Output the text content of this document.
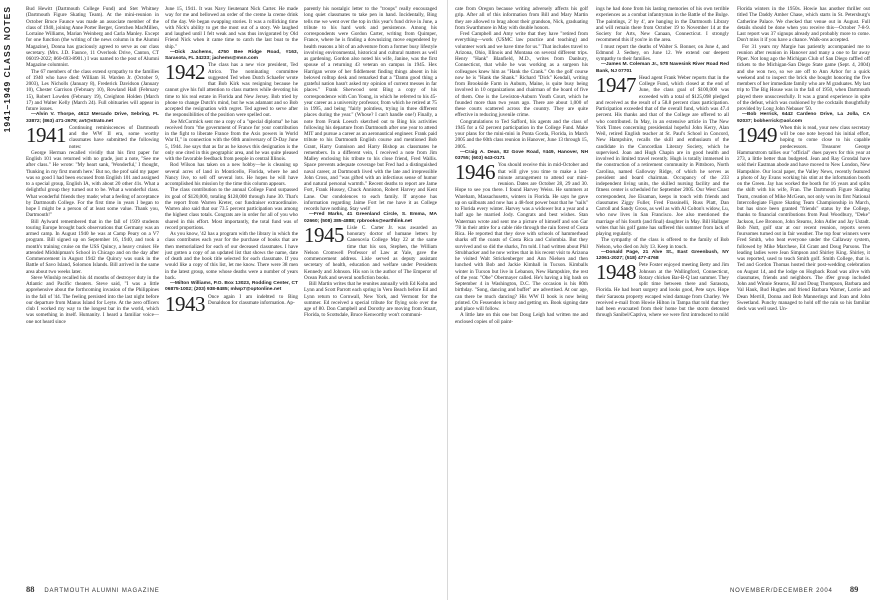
1941–1949 CLASS NOTES	Bud Hewitt (Dartmouth College Fund) and Stet Whitney (Dartmouth Figure Skating Team). At the mini-reunion in October Bruce Faunce was made an associate member of the class of 1940, joining Anne Porter Berger, Gretchen MacMillen, Lorraine Williams, Marian Weinberg and Carla Manley. Except for one function (the writing of the news column in the Alumni Magazine), Donna has graciously agreed to serve as our class secretary. (Mrs. J.D. Faunce, 11 Overlook Drive, Canton, CT 06019-2022; 860-693-8901.) I was named to the post of Alumni Magazine columnist.

The 67 members of the class extend sympathy to the families of 1940 who have died: William H. Warden Jr. (October 9, 2003), Les Nicholls (January 8), Frederick Davidson (January 10), Chester Garrison (February 10), Rowland Hall (February 15), Robert Lowden (February 19), Creighton Holden (March 17) and Walter Kelly (March 24). Full obituaries will appear in future issues.

—Alvin V. Thorpe, 4612 Mercado Drive, Sebring, FL 33872; (863) 471-2679; avt@strato.net

1941 Continuing reminiscences of Dartmouth and the WW II era, some worthy classmates have submitted the following notes:

George Herman recalled vividly that his first paper for English 101 was returned with no grade, just a note, "See me after class." He wrote: "My heart sank, 'Wonderful,' I thought, 'flunking in my first month here.' But no, the prof said my paper was so good I had been excused from English 101 and assigned to a special group, English IA, with about 20 other 41s. What a delightful group they turned out to be. What a wonderful class. What wonderful friends they made; what a feeling of acceptance by Dartmouth College. For the first time in years I began to hope I might be a person of at least some value. Thank you, Dartmouth!"

Bill Aylward remembered that in the fall of 1939 students touring Europe brought back observations that Germany was an armed camp. In August 1940 he was at Camp Peary on a V7 program. Bill signed up on September 16, 1940, and took a month's training cruise on the USS Quincy, a heavy cruiser. He attended Midshipman's School in Chicago and on the day after Commencement in August 1942 the Quincy was sunk in the Battle of Savo Island, Solomon Islands. Bill arrived in the same area about two weeks later.

Steve Winship recalled his 44 months of destroyer duty in the Atlantic and Pacific theaters. Steve said, "I was a little apprehensive about the forthcoming invasion of the Philippines in the fall of '44. The feeling persisted into the last night before our departure from Manus Island for Leyte. At the zero officers club I worked my way to the longest bar in the world, which was something in itself. Humanity. I heard a familiar voice—one not heard since

June 15, 1941. It was Navy lieutenant Nick Carter. He made way for me and bellowed an order of the creme la creme drink of the day. We began swapping stories. It was a rollicking time with Nick's ability to get the most out of a story. We laughed and laughed until I felt weak and was thus invigorated by Old Friend Nick when it came time to catch the last boat to the ship."

—Dick Jachems, 4750 Bee Ridge Road, #163, Sarasota, FL 34233; jachems@msn.com

1942 The class has a new vice president, Ted Atrico. The nominating committee suggested Ted when Dutch Schaefer wrote that Bob Kirk was resigning because he cannot give his full attention to class matters while devoting his time to his real estate in Florida and New Jersey. Bob tried by phone to change Dutch's mind, but he was adamant and so Bob accepted the resignation with regret. Ted agreed to serve after the responsibilities of the position were spelled out.

Joe McCormick sent me a copy of a "special diploma" he has received from "the government of France for your contribution in the fight to liberate France from the Axis powers in World War II," in connection with the 60th anniversary of D-Day June 5, 1944. Joe says that as far as he knows this designation is the only one cited in this geographic area, and he was quite pleased with the favorable feedback from people in central Illinois.

Rod Wilson has taken on a new hobby—he is cleaning up several acres of land in Monticello, Florida, where he and Nancy live, to sell off several lots. He hopes he will have accomplished his mission by the time this column appears.

The class contribution to the annual College Fund surpassed its goal of $120,000, totaling $128,000 through June 30. That's the report from Warren Kreter, our fundraiser extraordinaire. Warren also said that our 73.5 percent participation was among the highest class totals. Congrats are in order for all of you who shared in this effort. Most importantly, the total fund was of record proportions.

As you know, '42 has a program with the library in which the class contributes each year for the purchase of books that are then memorialized for each of our deceased classmates. I have just gotten a copy of an updated list that shows the name, date of death and the book title selected for each classmate. If you would like a copy of this list, let me know. There were 38 men in the latest group, some whose deaths were a number of years back.

—Milton Williams, P.O. Box 13023, Rodding Center, CT 06875-1002; (203) 938-8485; mlwp7@optonline.net

1943 Once again I am indebted to Bing Donaldson for classmate information. Ap-

parently his nostalgic letter to the "troops" really encouraged long quiet classmates to take pen in hand. Incidentally, Bing tells me we went over the top in this year's fund drive in June, a tribute to his hard work and persistence. Among his correspondents were Gordon Carter, writing from Quimper, France, where he is finding a downsizing move engendered by health reasons a bit of an adventure from a former busy lifestyle involving environmental, historical and cultural matters as well as gardening. Gordon also noted his wife, Janine, was the first spouse of a returning 43 veteran on campus in 1945. Hex Harrigan wrote of her fiddlement finding things absent in his beloved rolltop desk and remarked that a "Damn good thing a grateful nation hasn't asked my opinion of current messes in far places." Frank Sherwood sent Bing a copy of his correspondence with Con Young, in which he referred to his 45-year career as a university professor, from which he retired at 75 in 1995, and being "fairly pointless, trying in three different places during the year." (Whose? I can't handle one!) Finally, a note from Frank Loesch sketched out to Bing his activities following his departure from Dartmouth after one year to attend MIT and pursue a career as an aeronautical engineer. Frank paid tribute to his Dartmouth English course and mentioned Bob Grant, Harry Gunnison and Harry Bishop as classmates he remembers. In a different vein, I received a note from Jim Malley enclosing his tribute to his close friend, Fred Wallis. Space prevents adequate coverage but Fred had a distinguished naval career, at Dartmouth lived with the late and irrepressible John Cross, and "was gifted with an infectious sense of humor and natural personal warmth." Recent deaths to report are Jame Fort, Frank Hussey, Chuck Anniston, Robert Harvey and Kent Lane. Our condolences to each family. If anyone has information regarding Jaime Fort let me have it as College records have nothing. Stay well!

—Fred Marks, 41 Greenland Circle, S. Emma, MA 02660; (508) 385-4888; rpbrooks@earthlink.net

1945 Lisle C. Carter Jr. was awarded an honorary doctor of humane letters by Canenovia College May 22 at the same time that his son, Stephen, the William Nelson Cromwell Professor of Law at Yale, gave the commencement address. Lisle served as deputy assistant secretary of health, education and welfare under Presidents Kennedy and Johnson. His son is the author of The Emperor of Ocean Park and several nonfiction books.

Bill Martin writes that he reunites annually with Ed Kohn and Lynn and Scott Parrott each spring in Vero Beach before Ed and Lynn return to Cornwall, New York, and Vermont for the summer. Ed received a special tribute for flying solo over the age of 80. Don Campbell and Dorothy are moving from Stuart, Florida, to Scottsdale, Bruce Kenworthy won't communi-

cate from Oregon because writing adversely affects his golf grip. After all of this information from Bill and Mary Martin they are allowed to brag about their grandson, Nick, graduating from Swarthmore in May with double honors.

Fred Campbell and Amy write that they have "retired from everything—work (USMC law practice and teaching) and volunteer work and we have time for us." That includes travel to Arizona, Ohio, Illinois and Montana on several different trips. Henry "Hank" Blanfield, M.D., writes from Danbury, Connecticut, that while he was working as a surgeon his colleagues knew him as "Hank the Crank." On the golf course now he is "Hank the Shank." Richard "Dick" Kendall, writing from Brookside Farm in Auburn, Maine, is quite busy being involved in 10 organizations and chairman of the board of five of them. One is the Lewiston-Auburn Youth Court, which he founded more than two years ago. There are about 1,000 of these courts scattered across the country. They are quite effective in reducing juvenile crime.

Congratulations to Ted Safford, his agents and the class of 1945 for a 62 percent participation in the College Fund. Make your plans for the mini-mini in Punta Gorda, Florida, in March 2005 and the 60th class reunion in Hanover, June 13 through 15, 2005.

—Craig A. Dean, 82 Gove Road, #449, Hanover, NH 03755; (603) 643-0171

1946 You should receive this in mid-October and that will give you time to make a last-minute arrangement to attend our mini-reunion. Dates are October 28, 29 and 30. Hope to see you there. I found Harvey Weiss. He summers at Wareham, Massachusetts, winters in Florida. He says he gave up on sailboats and now has a 48-foot power boat that he "sails" to Florida every winter. Harvey was a widower but a year and a half ago he married Jody. Congrats and best wishes. Stan Waterman wrote and sent me a picture of himself and son Gar '78 in their attire for a cable ride through the rain forest of Costa Rica. He reported that they dove with schools of hammerhead sharks off the coasts of Costa Rica and Colombia. But they survived and so did the sharks, I'm told. I had written about Phil Strubhacker and he now writes that in his recent visit to Arizona he visited Walt Strickenberger and Ann Nielsen and then lunched with Bob and Jackie Kimball in Tucson. Kimballs winter in Tucson but live in Lebanon, New Hampshire, the rest of the year. "Obe" Obermayer called. He's having a big bash on September 4 in Washington, D.C. The occasion is his 80th birthday. "Song, dancing and buffet" are advertised. At our age, can there be much dancing? His WW II book is now being printed. Ox Fessenden is busy and getting on. Book signing date and place will follow.

A little late on this one but Doug Leigh had written me and enclosed copies of oil paint-

ings he had done from his lasting memories of his own terrible experiences as a combat infantryman in the Battle of the Bulge. The paintings, 2' by 4', are hanging in the Dartmouth Library and will remain there from October 19 to November 14 at the Society for Arts, New Canaan, Connecticut. I strongly recommend this if you're in the area.

I must report the deaths of Walter S. Bonner, on June 4, and Edmund J. Sedney, on June 12. We extend our deepest sympathy to their families.

—James M. Coleman Jr., 578 Navesink River Road Red Bank, NJ 07701

1947 Head agent Frank Weber reports that in the College Fund, which closed at the end of June, the class goal of $100,000 was exceeded with a total of $125,098 pledged and received as the result of a 58.8 percent class participation. Participation exceeded that of the overall fund, which was 47.4 percent. His thanks and that of the College are offered to all who contributed. In May, in an extensive article in The New York Times concerning presidential hopeful John Kerry, Alan Weil, retired English teacher at St. Paul's School in Concord, New Hampshire, recalls the skill and enthusiasm of the candidate in the Concordian Literary Society, which he supervised. Joan and Hugh Chapin are in good health and involved in limited travel recently. Hugh is totally immersed in the construction of a retirement community in Pittsboro, North Carolina, named Galloway Ridge, of which he serves as president and board chairman. Occupancy of the 233 independent living units, the skilled nursing facility and the fitness center is scheduled for September 2005. Our West Coast correspondent, Joe Eisaman, keeps in touch with friends and classmates Ziggy Fuller, Fred Frassinelli, Russ Platt, Dan Carroll and Sandy Gross, as well as with Al Colton's widow, Lu, who now lives in San Francisco. Joe also mentioned the marriage of his fourth (and final) daughter in May. Bill Hallager writes that his golf game has suffered this summer from lack of playing regularly.

The sympathy of the class is offered to the family of Bob Nelson, who died on July 13. Keep in touch.

—Donald Page, 21 Alve St., East Greenbush, NY 12061-2027; (518) 477-4768

1948 Pete Foster enjoyed meeting Betty and Jim Johnson at the Wallingford, Connecticut, Rotary chicken Bar-B-Q last summer. They split time between there and Sarasota, Florida. He had heart surgery and looks good, Pete says. Hope their Sarasota property escaped wind damage from Charley. We received e-mail from Howie Hilton in Tampa that told that they had been evacuated from their home but the storm detoured through Sanibel/Captiva, where we were first introduced to mild

Florida winters in the 1950s. Howie has another thriller out titled The Daddy Amber Chase, which starts in St. Petersburg's Catherine Palace. We checked that venue out in August. Full details should be done when you receive this—October 7-8-9. Last report was 37 signups already and probably more to come. Don't miss it if you have a chance. Walk-ons accepted.

For 31 years my Margie has patiently accompanied me to reunion after reunion in Hanover and many a one to far away Piper. Not long ago the Michigan Club of San Diego raffled off tickets to the Michigan-San Diego State game (Sept. 4, 2004) and she won two, so we are off to Ann Arbor for a quick weekend and to inspect the brick she bought honoring the five members of her immediate family who are M graduates. My last trip to The Big House was in the fall of 1950, when Dartmouth played there unsuccessfully. It was a grand experience in spite of the defeat, which was cushioned by the cocktails thoughtfully provided by Long John Nebauer '50.

—Bob Herrick, 6442 Cardeno Drive, La Jolla, CA 92037; bobherrick@aol.com

1949 When this is read, your new class secretary will be one note beyond his initial effort, hoping to come close to his capable predecessors. Treasurer George Hammarstrom tallies our "official" dues payers for this year at 273, a little better than budgeted. Jean and Ray Grondal have sold their Eastman abode and have moved to New London, New Hampshire. Our local paper, the Valley News, recently featured a photo of Jay Evans working his stint at the information booth on the Green. Jay has worked the booth for 16 years and splits the shift with his wife, Fran. The Dartmouth Figure Skating Team, creation of Mike McGean, not only won its first National Intercollegiate Figure Skating Team Championship in March, but has since been granted "friends" status by the College, thanks to financial contributions from Paul Woodbury, "Deke" Jackson, Lee Bronson, John Stearns, John Adler and Jay Ustadt. Bob Nutt, golf star at our recent reunion, reports seven foursomes turned out in fair weather. The top four winners were Fred Smith, who beat everyone under the Callaway system, followed by Mike Marchese, Ed Grant and Doug Parsons. The leading ladies were Jean Simpson and Shirley King. Shirley, it was reported, used to teach Smith golf. Smith College, that is. Ted and Gordon Thomas hosted their post-wedding celebration on August 14, and the lodge on Hogback Road was alive with classmates, friends and neighbors. The 49er group included John and Winnie Stearns, BJ and Doug Thompson, Barbara and Val Hauk, Bud Hughes and friend Barbara Warner, Lorrie and Dean Merrill, Donna and Bob Mannerings and Joan and John Sweetland. Punchy managed to hold off the rain so his familiar deck was well used. Un-

88 DARTMOUTH ALUMNI MAGAZINE	NOVEMBER/DECEMBER 2004 89
